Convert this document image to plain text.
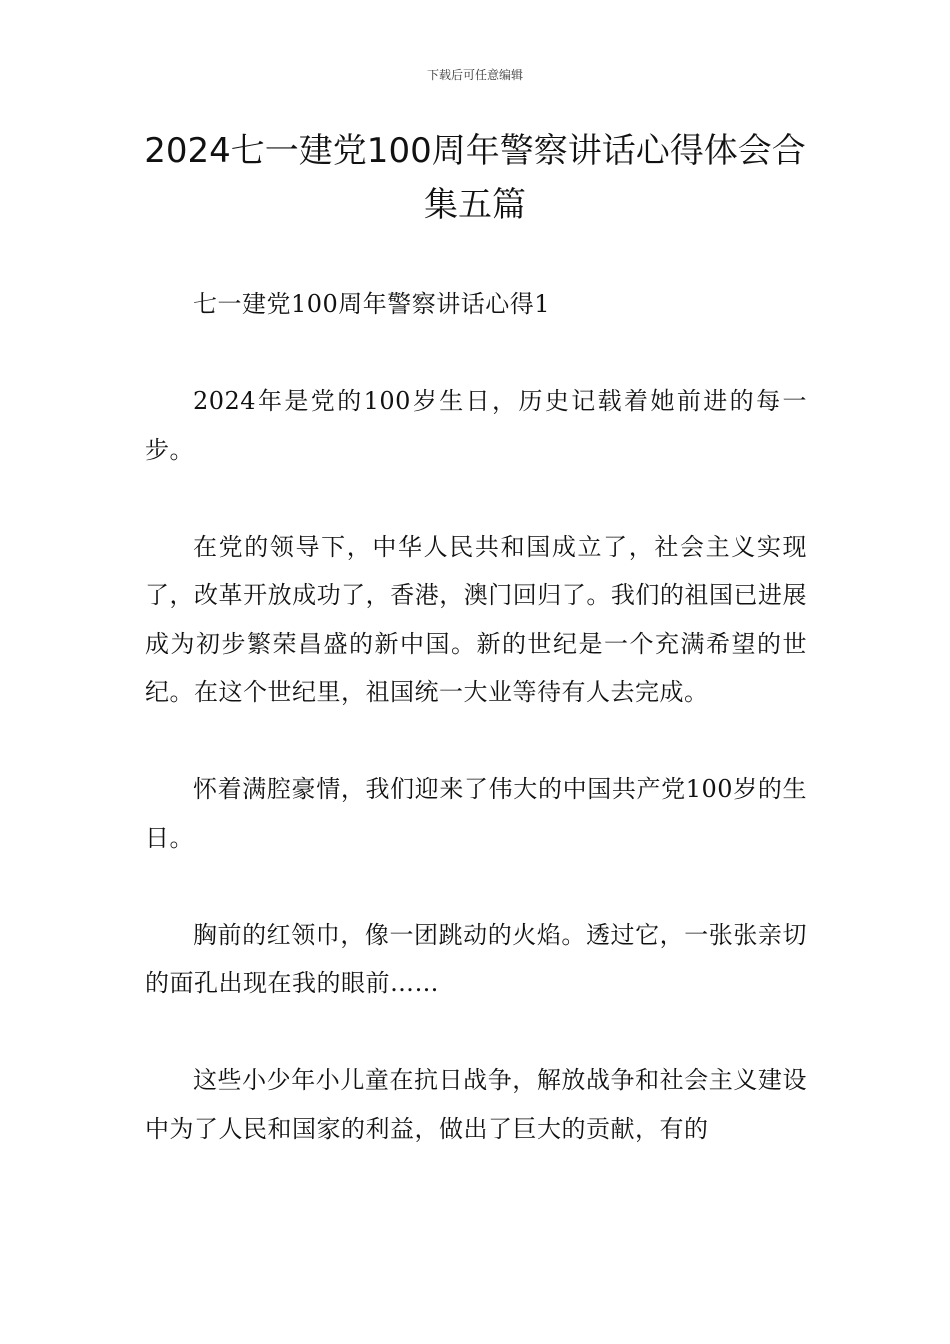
下载后可任意编辑
2024七一建党100周年警察讲话心得体会合集五篇

七一建党100周年警察讲话心得1

2024年是党的100岁生日，历史记载着她前进的每一步。

在党的领导下，中华人民共和国成立了，社会主义实现了，改革开放成功了，香港，澳门回归了。我们的祖国已进展成为初步繁荣昌盛的新中国。新的世纪是一个充满希望的世纪。在这个世纪里，祖国统一大业等待有人去完成。

怀着满腔豪情，我们迎来了伟大的中国共产党100岁的生日。

胸前的红领巾，像一团跳动的火焰。透过它，一张张亲切的面孔出现在我的眼前……

这些小少年小儿童在抗日战争，解放战争和社会主义建设中为了人民和国家的利益，做出了巨大的贡献，有的
